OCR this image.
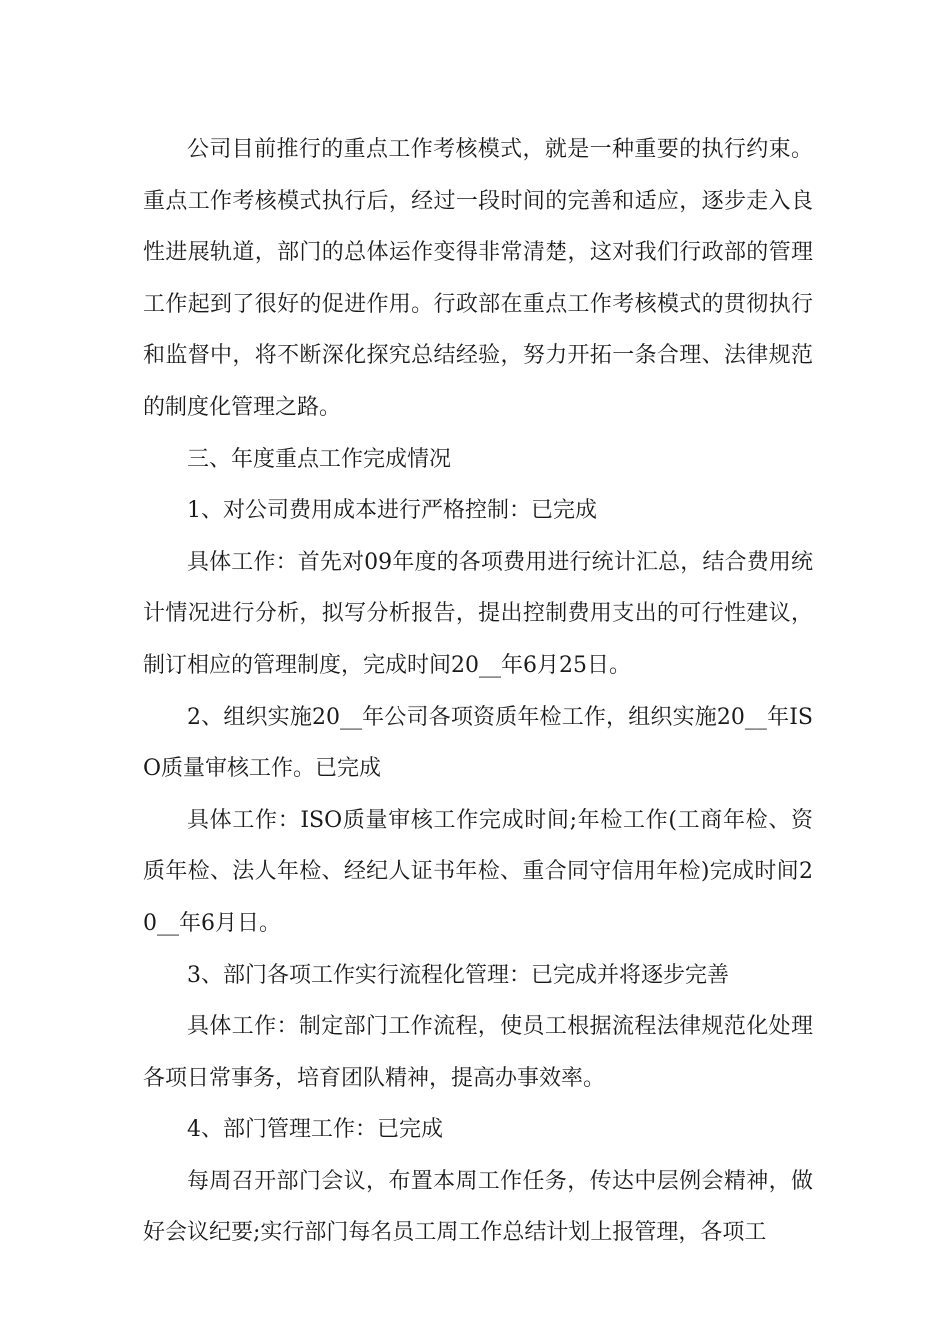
公司目前推行的重点工作考核模式，就是一种重要的执行约束。重点工作考核模式执行后，经过一段时间的完善和适应，逐步走入良性进展轨道，部门的总体运作变得非常清楚，这对我们行政部的管理工作起到了很好的促进作用。行政部在重点工作考核模式的贯彻执行和监督中，将不断深化探究总结经验，努力开拓一条合理、法律规范的制度化管理之路。

三、年度重点工作完成情况

1、对公司费用成本进行严格控制：已完成

具体工作：首先对09年度的各项费用进行统计汇总，结合费用统计情况进行分析，拟写分析报告，提出控制费用支出的可行性建议，制订相应的管理制度，完成时间20__年6月25日。

2、组织实施20__年公司各项资质年检工作，组织实施20__年ISO质量审核工作。已完成

具体工作：ISO质量审核工作完成时间;年检工作(工商年检、资质年检、法人年检、经纪人证书年检、重合同守信用年检)完成时间20__年6月日。

3、部门各项工作实行流程化管理：已完成并将逐步完善

具体工作：制定部门工作流程，使员工根据流程法律规范化处理各项日常事务，培育团队精神，提高办事效率。

4、部门管理工作：已完成

每周召开部门会议，布置本周工作任务，传达中层例会精神，做好会议纪要;实行部门每名员工周工作总结计划上报管理，各项工
